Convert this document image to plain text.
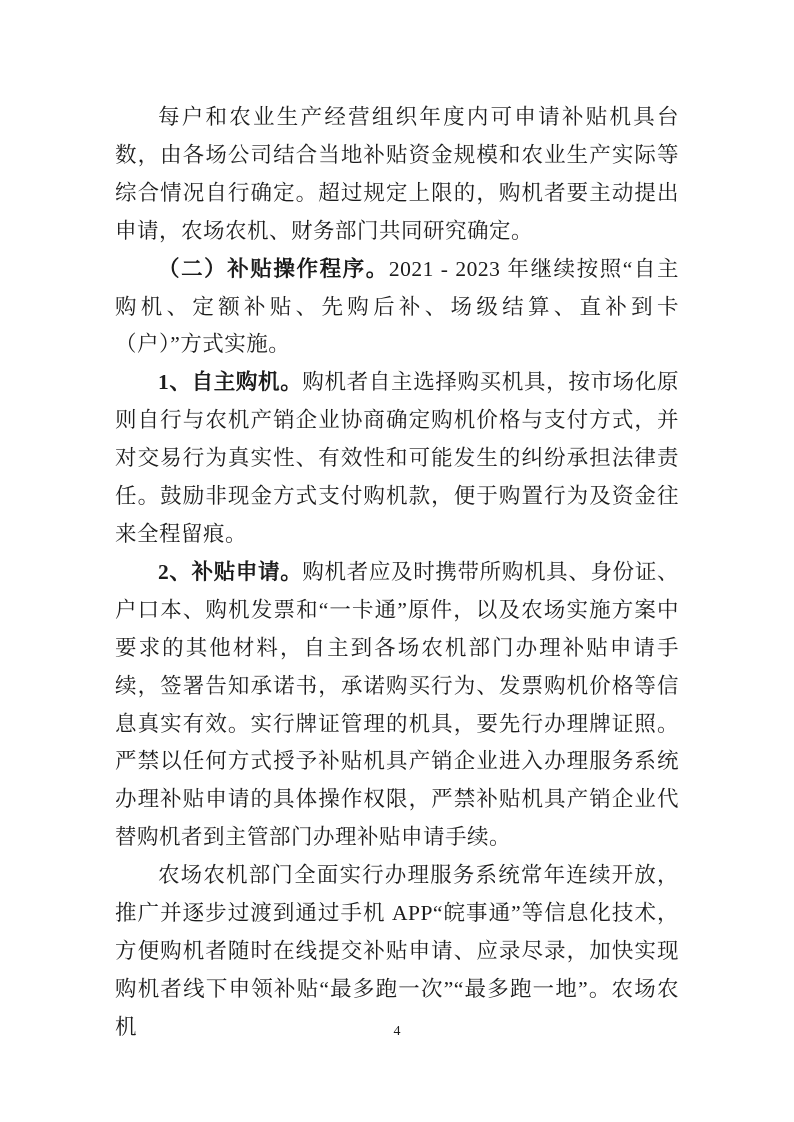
每户和农业生产经营组织年度内可申请补贴机具台数，由各场公司结合当地补贴资金规模和农业生产实际等综合情况自行确定。超过规定上限的，购机者要主动提出申请，农场农机、财务部门共同研究确定。

（二）补贴操作程序。2021 - 2023 年继续按照“自主购机、定额补贴、先购后补、场级结算、直补到卡（户）”方式实施。

1、自主购机。购机者自主选择购买机具，按市场化原则自行与农机产销企业协商确定购机价格与支付方式，并对交易行为真实性、有效性和可能发生的纠纷承担法律责任。鼓励非现金方式支付购机款，便于购置行为及资金往来全程留痕。

2、补贴申请。购机者应及时携带所购机具、身份证、户口本、购机发票和“一卡通”原件，以及农场实施方案中要求的其他材料，自主到各场农机部门办理补贴申请手续，签署告知承诺书，承诺购买行为、发票购机价格等信息真实有效。实行牌证管理的机具，要先行办理牌证照。严禁以任何方式授予补贴机具产销企业进入办理服务系统办理补贴申请的具体操作权限，严禁补贴机具产销企业代替购机者到主管部门办理补贴申请手续。

农场农机部门全面实行办理服务系统常年连续开放，推广并逐步过渡到通过手机 APP“皖事通”等信息化技术，方便购机者随时在线提交补贴申请、应录尽录，加快实现购机者线下申领补贴“最多跑一次”“最多跑一地”。农场农机	4
